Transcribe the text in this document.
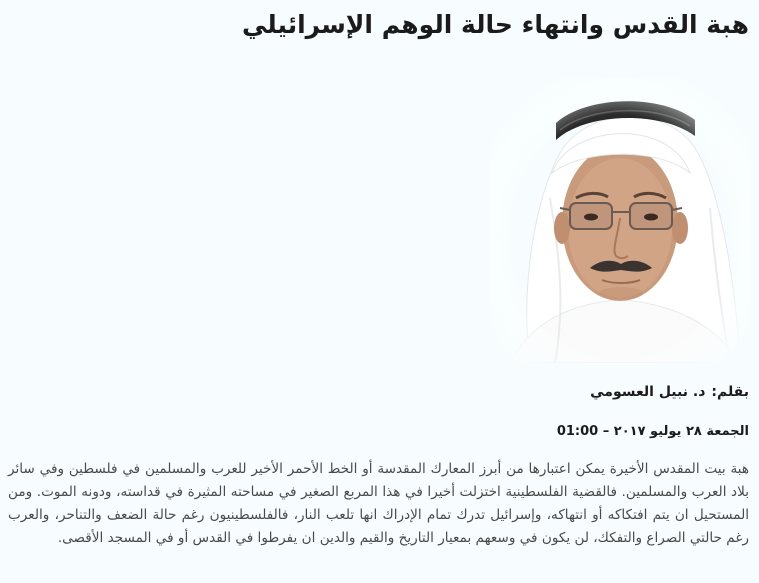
هبة القدس وانتهاء حالة الوهم الإسرائيلي
بقلم:د. نبيل العسومي
الجمعة ٢٨ يوليو ٢٠١٧ – 01:00

هبة بيت المقدس الأخيرة يمكن اعتبارها من أبرز المعارك المقدسة أو الخط الأحمر الأخير للعرب والمسلمين في فلسطين وفي سائر بلاد العرب والمسلمين. فالقضية الفلسطينية اختزلت أخيرا في هذا المربع الصغير في مساحته المثيرة في قداسته، ودونه الموت. ومن المستحيل ان يتم افتكاكه أو انتهاكه، وإسرائيل تدرك تمام الإدراك انها تلعب النار، فالفلسطينيون رغم حالة الضعف والتناحر، والعرب رغم حالتي الصراع والتفكك، لن يكون في وسعهم بمعيار التاريخ والقيم والدين ان يفرطوا في القدس أو في المسجد الأقصى.
